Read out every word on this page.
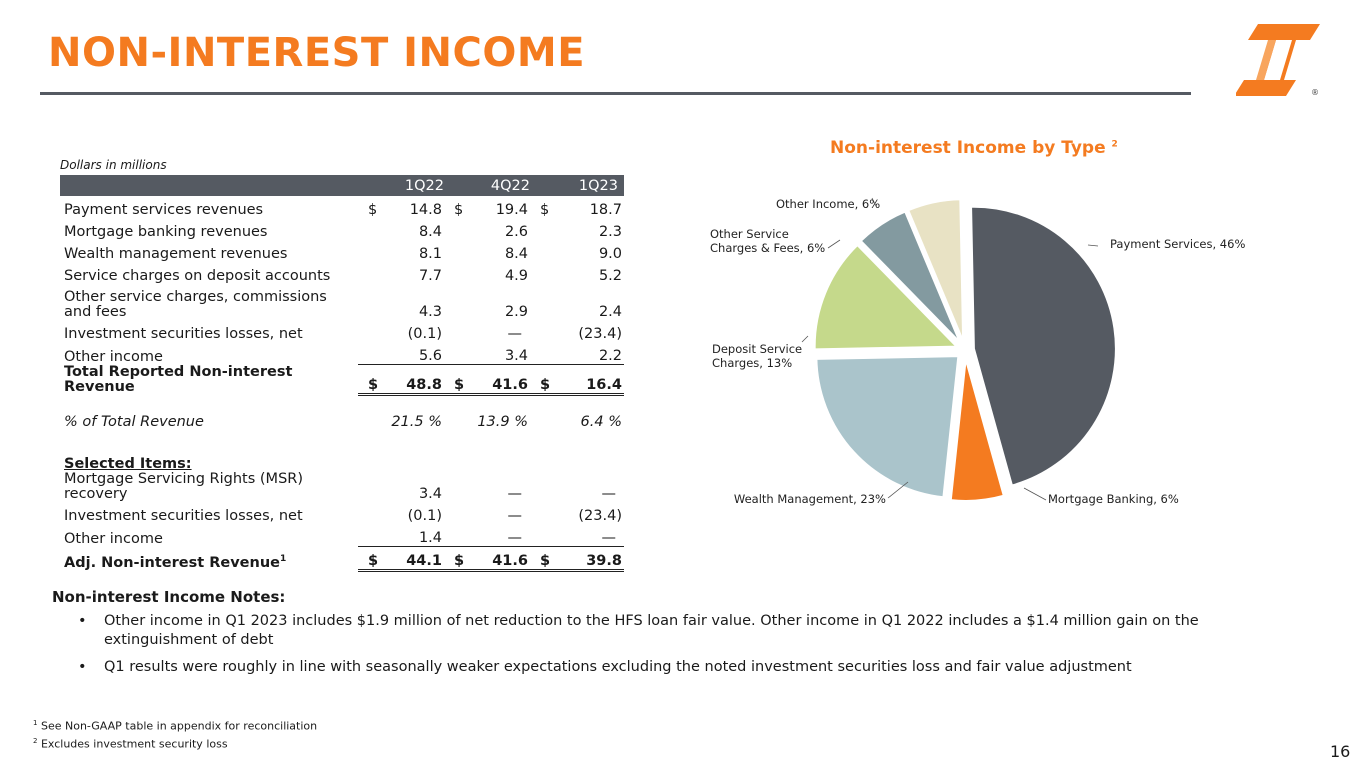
NON-INTEREST INCOME
®
Dollars in millions
	1Q22		4Q22		1Q23	
Payment services revenues	$	14.8	$	19.4	$	18.7
Mortgage banking revenues		8.4		2.6		2.3
Wealth management revenues		8.1		8.4		9.0
Service charges on deposit accounts		7.7		4.9		5.2
Other service charges, commissions and fees		4.3		2.9		2.4
Investment securities losses, net		(0.1)		—		(23.4)
Other income		5.6		3.4		2.2
Total Reported Non-interest Revenue	$	48.8	$	41.6	$	16.4
% of Total Revenue		21.5 %		13.9 %		6.4 %

Selected Items:						
Mortgage Servicing Rights (MSR) recovery		3.4		—		—
Investment securities losses, net		(0.1)		—		(23.4)
Other income		1.4		—		—
Adj. Non-interest Revenue$^1$	$	44.1	$	41.6	$	39.8
Non-interest Income by Type $^2$
Payment Services, 46%
Mortgage Banking, 6%
Wealth Management, 23%
Deposit Service Charges, 13%
Other Service Charges & Fees, 6%
Other Income, 6%
Non-interest Income Notes:
• Other income in Q1 2023 includes $1.9 million of net reduction to the HFS loan fair value. Other income in Q1 2022 includes a $1.4 million gain on the extinguishment of debt
• Q1 results were roughly in line with seasonally weaker expectations excluding the noted investment securities loss and fair value adjustment
$^1$ See Non-GAAP table in appendix for reconciliation
$^2$ Excludes investment security loss	16
